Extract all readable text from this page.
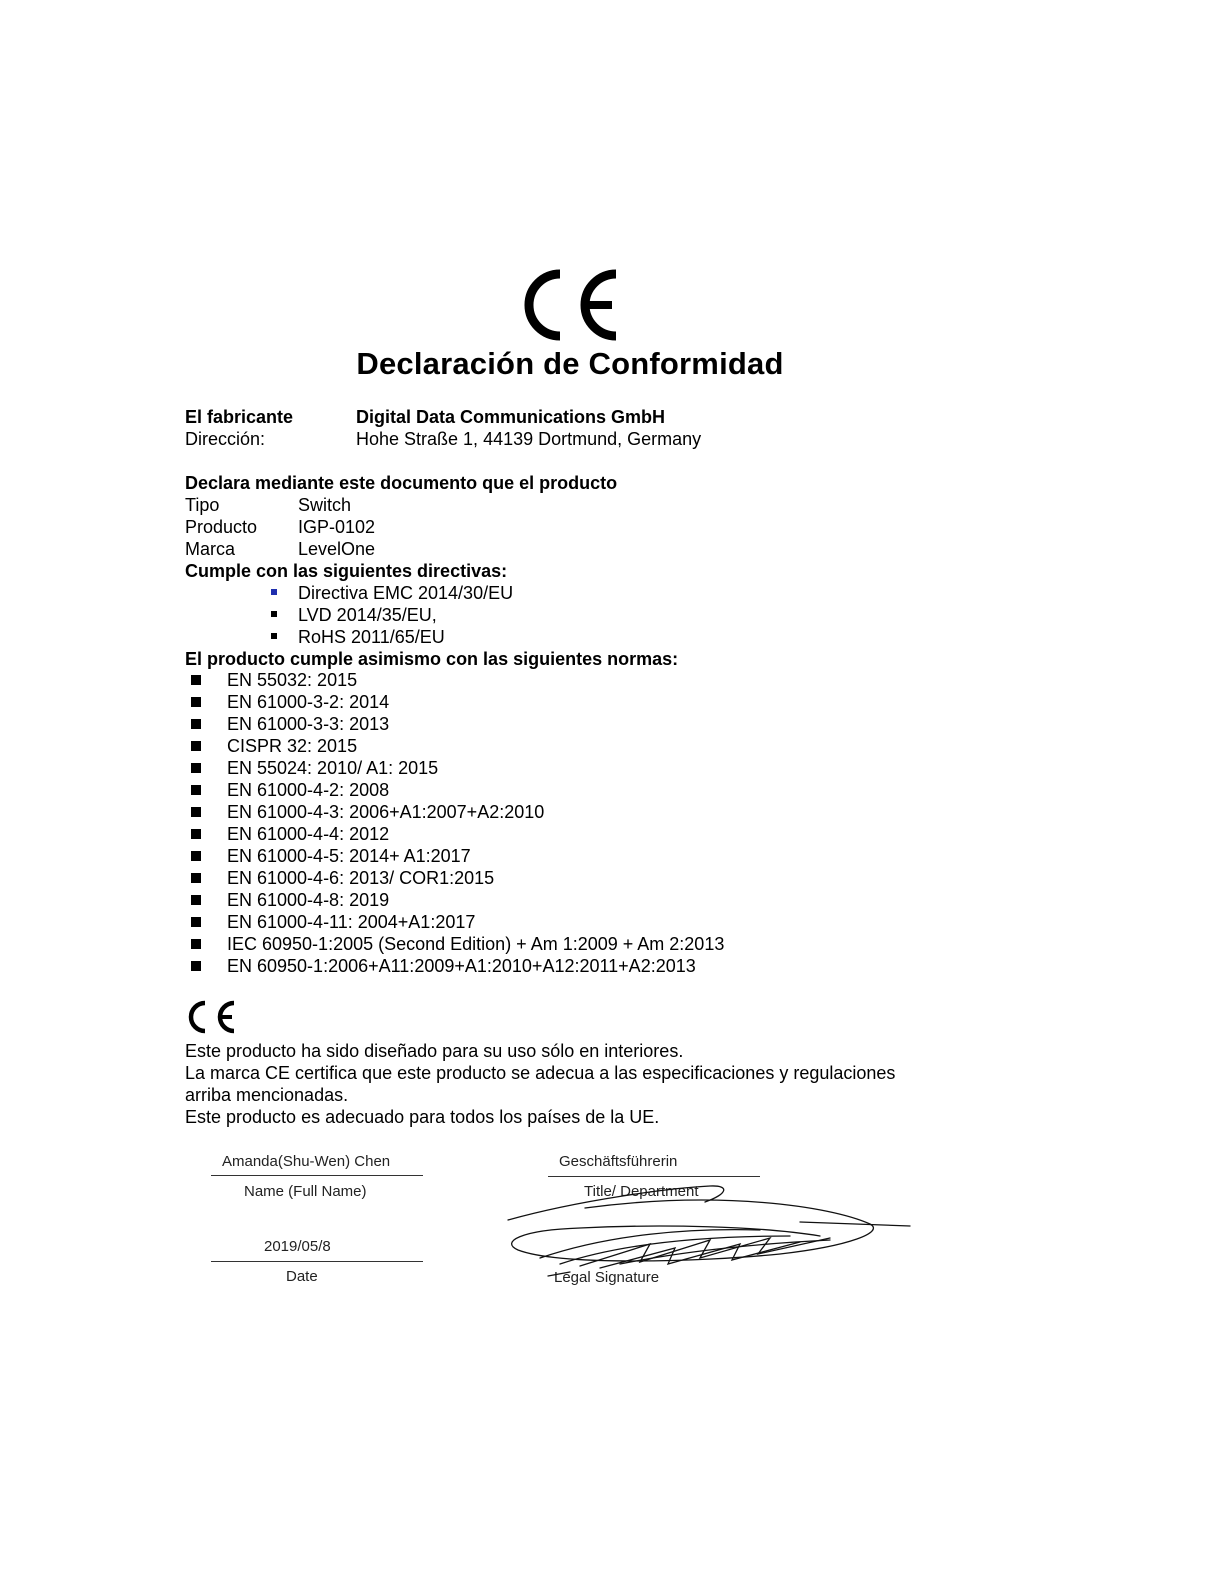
Declaración de Conformidad
El fabricante	Digital Data Communications GmbH
Dirección:	Hohe Straße 1, 44139 Dortmund, Germany
Declara mediante este documento que el producto
Tipo	Switch
Producto IGP-0102
Marca	LevelOne
Cumple con las siguientes directivas:
Directiva EMC 2014/30/EU
LVD 2014/35/EU,
RoHS 2011/65/EU
El producto cumple asimismo con las siguientes normas:
EN 55032: 2015
EN 61000-3-2: 2014
EN 61000-3-3: 2013
CISPR 32: 2015
EN 55024: 2010/ A1: 2015
EN 61000-4-2: 2008
EN 61000-4-3: 2006+A1:2007+A2:2010
EN 61000-4-4: 2012
EN 61000-4-5: 2014+ A1:2017
EN 61000-4-6: 2013/ COR1:2015
EN 61000-4-8: 2019
EN 61000-4-11: 2004+A1:2017
IEC 60950-1:2005 (Second Edition) + Am 1:2009 + Am 2:2013
EN 60950-1:2006+A11:2009+A1:2010+A12:2011+A2:2013
Este producto ha sido diseñado para su uso sólo en interiores.
La marca CE certifica que este producto se adecua a las especificaciones y regulaciones
arriba mencionadas.
Este producto es adecuado para todos los países de la UE.
Amanda(Shu-Wen) Chen
Name (Full Name)
2019/05/8
Date
Geschäftsführerin
Title/ Department
Legal Signature
